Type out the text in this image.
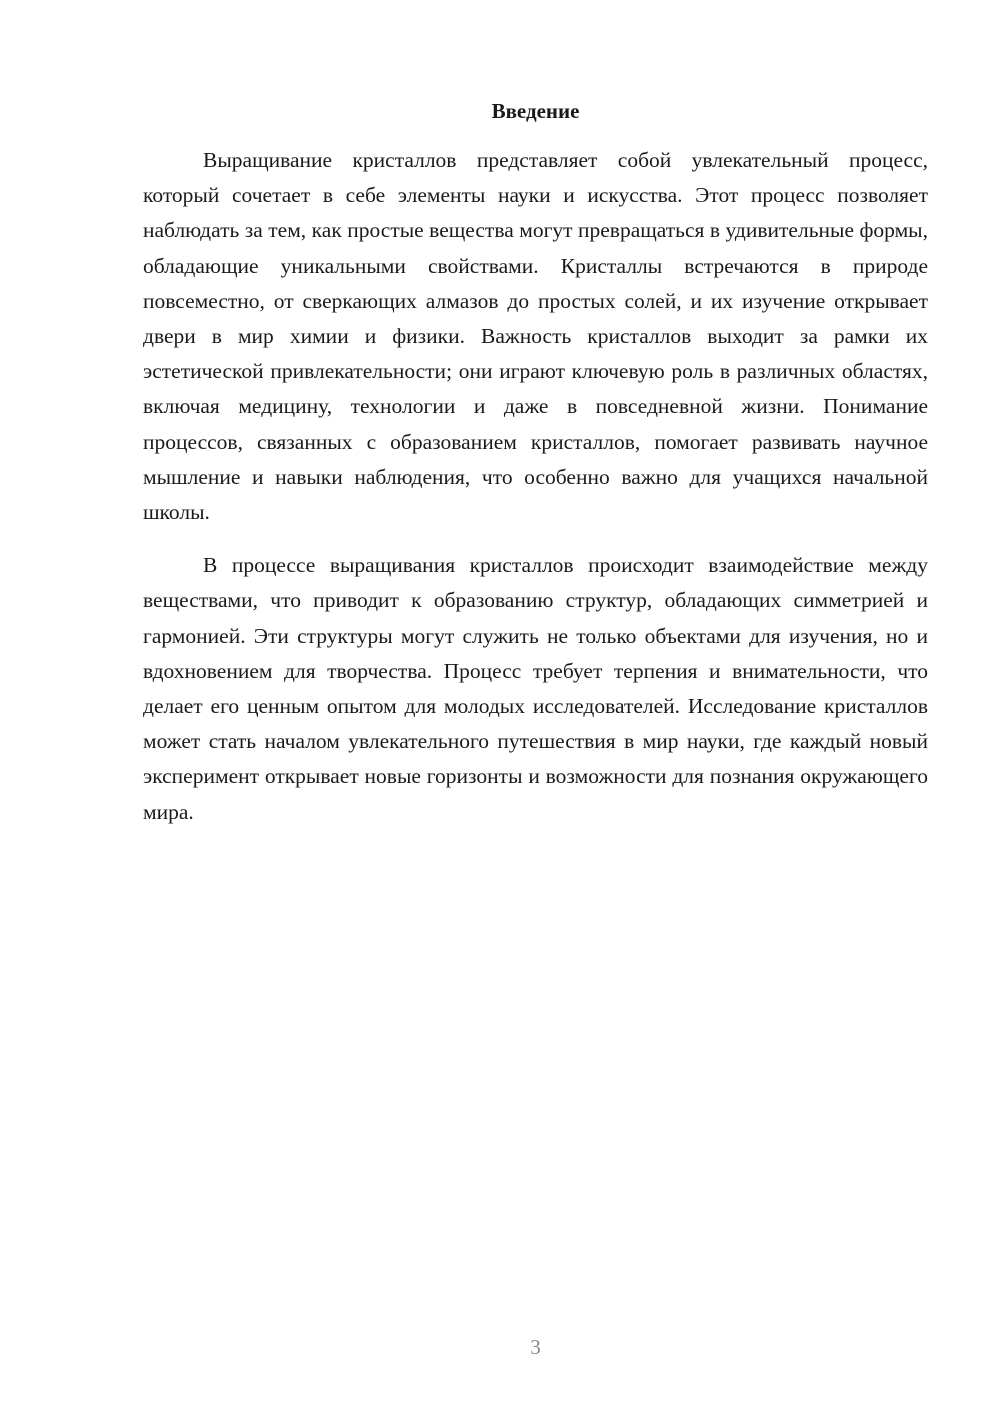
Введение

Выращивание кристаллов представляет собой увлекательный процесс, который сочетает в себе элементы науки и искусства. Этот процесс позволяет наблюдать за тем, как простые вещества могут превращаться в удивительные формы, обладающие уникальными свойствами. Кристаллы встречаются в природе повсеместно, от сверкающих алмазов до простых солей, и их изучение открывает двери в мир химии и физики. Важность кристаллов выходит за рамки их эстетической привлекательности; они играют ключевую роль в различных областях, включая медицину, технологии и даже в повседневной жизни. Понимание процессов, связанных с образованием кристаллов, помогает развивать научное мышление и навыки наблюдения, что особенно важно для учащихся начальной школы.

В процессе выращивания кристаллов происходит взаимодействие между веществами, что приводит к образованию структур, обладающих симметрией и гармонией. Эти структуры могут служить не только объектами для изучения, но и вдохновением для творчества. Процесс требует терпения и внимательности, что делает его ценным опытом для молодых исследователей. Исследование кристаллов может стать началом увлекательного путешествия в мир науки, где каждый новый эксперимент открывает новые горизонты и возможности для познания окружающего мира.

3
